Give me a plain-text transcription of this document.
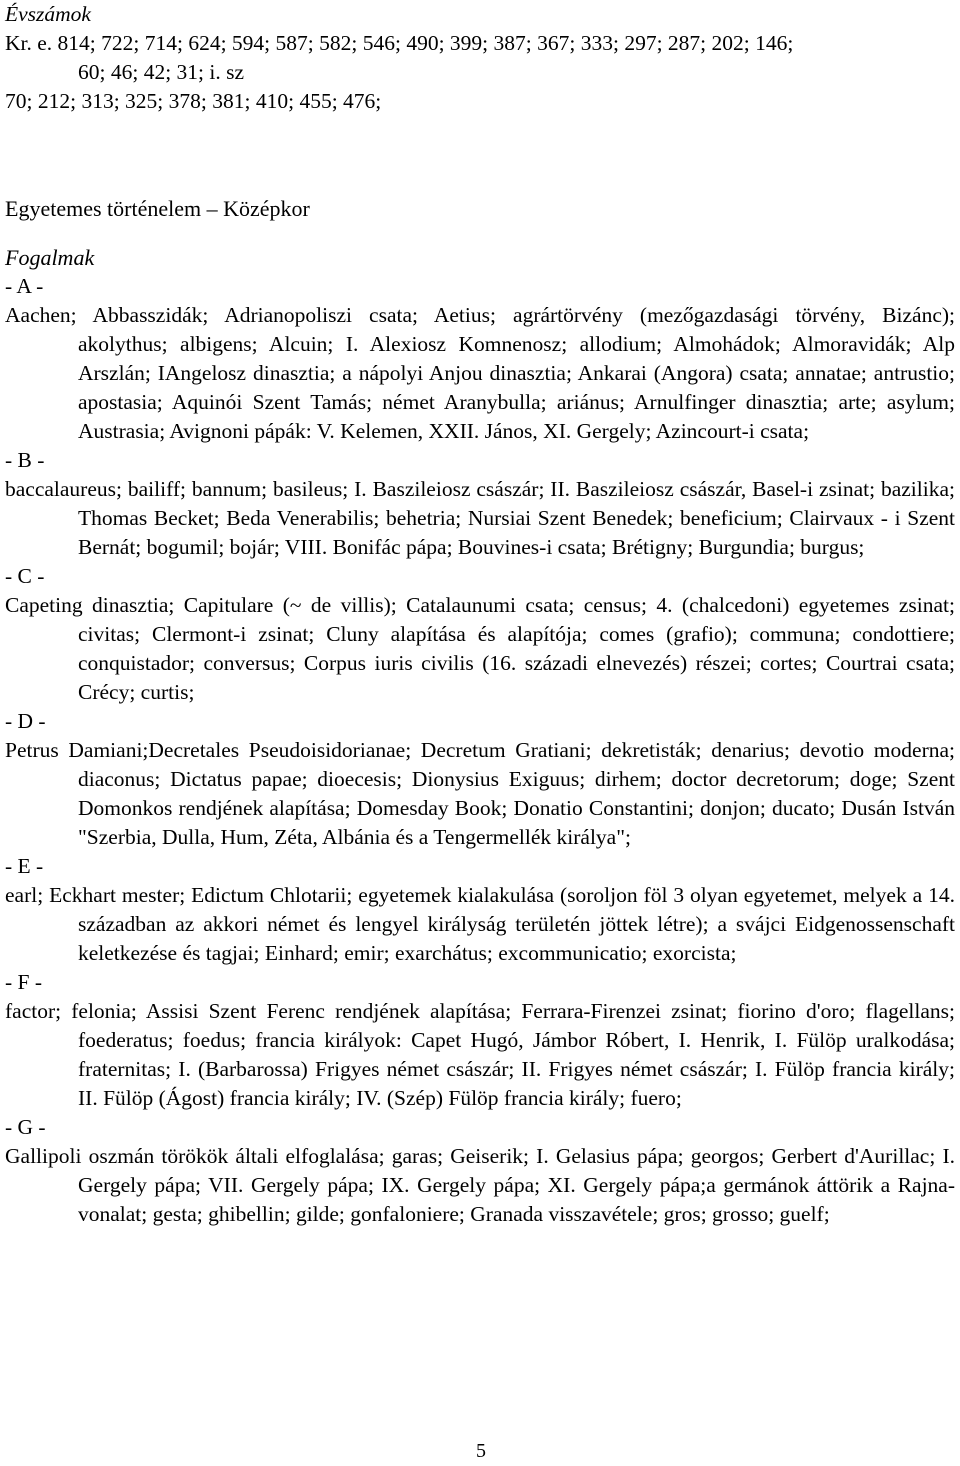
Évszámok

Kr. e. 814; 722; 714; 624; 594; 587; 582; 546; 490; 399; 387; 367; 333; 297; 287; 202; 146;

60; 46; 42; 31; i. sz

70; 212; 313; 325; 378; 381; 410; 455; 476;

Egyetemes történelem – Középkor

Fogalmak

- A -

Aachen; Abbasszidák; Adrianopoliszi csata; Aetius; agrártörvény (mezőgazdasági törvény, Bizánc); akolythus; albigens; Alcuin; I. Alexiosz Komnenosz; allodium; Almohádok; Almoravidák; Alp Arszlán; IAngelosz dinasztia; a nápolyi Anjou dinasztia; Ankarai (Angora) csata; annatae; antrustio; apostasia; Aquinói Szent Tamás; német Aranybulla; ariánus; Arnulfinger dinasztia; arte; asylum; Austrasia; Avignoni pápák: V. Kelemen, XXII. János, XI. Gergely; Azincourt-i csata;

- B -

baccalaureus; bailiff; bannum; basileus; I. Baszileiosz császár; II. Baszileiosz császár, Basel-i zsinat; bazilika; Thomas Becket; Beda Venerabilis; behetria; Nursiai Szent Benedek; beneficium; Clairvaux - i Szent Bernát; bogumil; bojár; VIII. Bonifác pápa; Bouvines-i csata; Brétigny; Burgundia; burgus;

- C -

Capeting dinasztia; Capitulare (~ de villis); Catalaunumi csata; census; 4. (chalcedoni) egyetemes zsinat; civitas; Clermont-i zsinat; Cluny alapítása és alapítója; comes (grafio); communa; condottiere; conquistador; conversus; Corpus iuris civilis (16. századi elnevezés) részei; cortes; Courtrai csata; Crécy; curtis;

- D -

Petrus Damiani;Decretales Pseudoisidorianae; Decretum Gratiani; dekretisták; denarius; devotio moderna; diaconus; Dictatus papae; dioecesis; Dionysius Exiguus; dirhem; doctor decretorum; doge; Szent Domonkos rendjének alapítása; Domesday Book; Donatio Constantini; donjon; ducato; Dusán István "Szerbia, Dulla, Hum, Zéta, Albánia és a Tengermellék királya";

- E -

earl; Eckhart mester; Edictum Chlotarii; egyetemek kialakulása (soroljon föl 3 olyan egyetemet, melyek a 14. században az akkori német és lengyel királyság területén jöttek létre); a svájci Eidgenossenschaft keletkezése és tagjai; Einhard; emir; exarchátus; excommunicatio; exorcista;

- F -

factor; felonia; Assisi Szent Ferenc rendjének alapítása; Ferrara-Firenzei zsinat; fiorino d'oro; flagellans; foederatus; foedus; francia királyok: Capet Hugó, Jámbor Róbert, I. Henrik, I. Fülöp uralkodása; fraternitas; I. (Barbarossa) Frigyes német császár; II. Frigyes német császár; I. Fülöp francia király; II. Fülöp (Ágost) francia király; IV. (Szép) Fülöp francia király; fuero;

- G -

Gallipoli oszmán törökök általi elfoglalása; garas; Geiserik; I. Gelasius pápa; georgos; Gerbert d'Aurillac; I. Gergely pápa; VII. Gergely pápa; IX. Gergely pápa; XI. Gergely pápa;a germánok áttörik a Rajna-vonalat; gesta; ghibellin; gilde; gonfaloniere; Granada visszavétele; gros; grosso; guelf;

5
